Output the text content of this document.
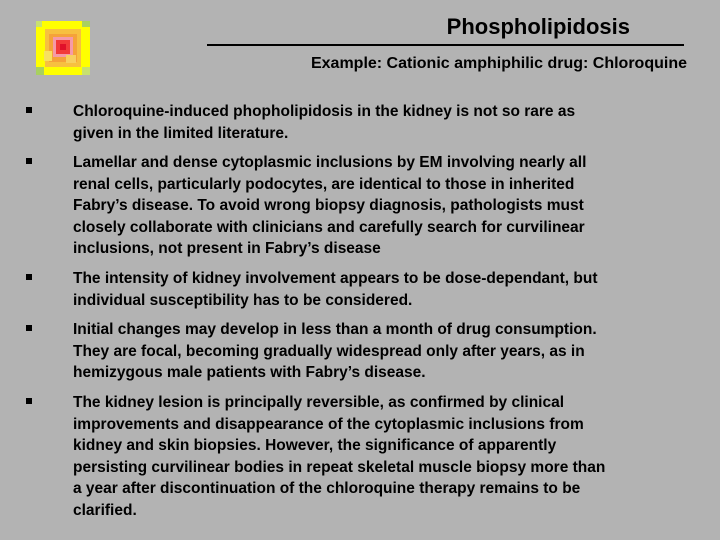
Phospholipidosis
Example: Cationic amphiphilic drug: Chloroquine
Chloroquine-induced phopholipidosis in the kidney is not so rare as
given in the limited literature.
Lamellar and dense cytoplasmic inclusions by EM involving nearly all
renal cells, particularly podocytes, are identical to those in inherited
Fabry’s disease. To avoid wrong biopsy diagnosis, pathologists must
closely collaborate with clinicians and carefully search for curvilinear
inclusions, not present in Fabry’s disease
The intensity of kidney involvement appears to be dose-dependant, but
individual susceptibility has to be considered.
Initial changes may develop in less than a month of drug consumption.
They are focal, becoming gradually widespread only after years, as in
hemizygous male patients with Fabry’s disease.
The kidney lesion is principally reversible, as confirmed by clinical
improvements and disappearance of the cytoplasmic inclusions from
kidney and skin biopsies. However, the significance of apparently
persisting curvilinear bodies in repeat skeletal muscle biopsy more than
a year after discontinuation of the chloroquine therapy remains to be
clarified.
